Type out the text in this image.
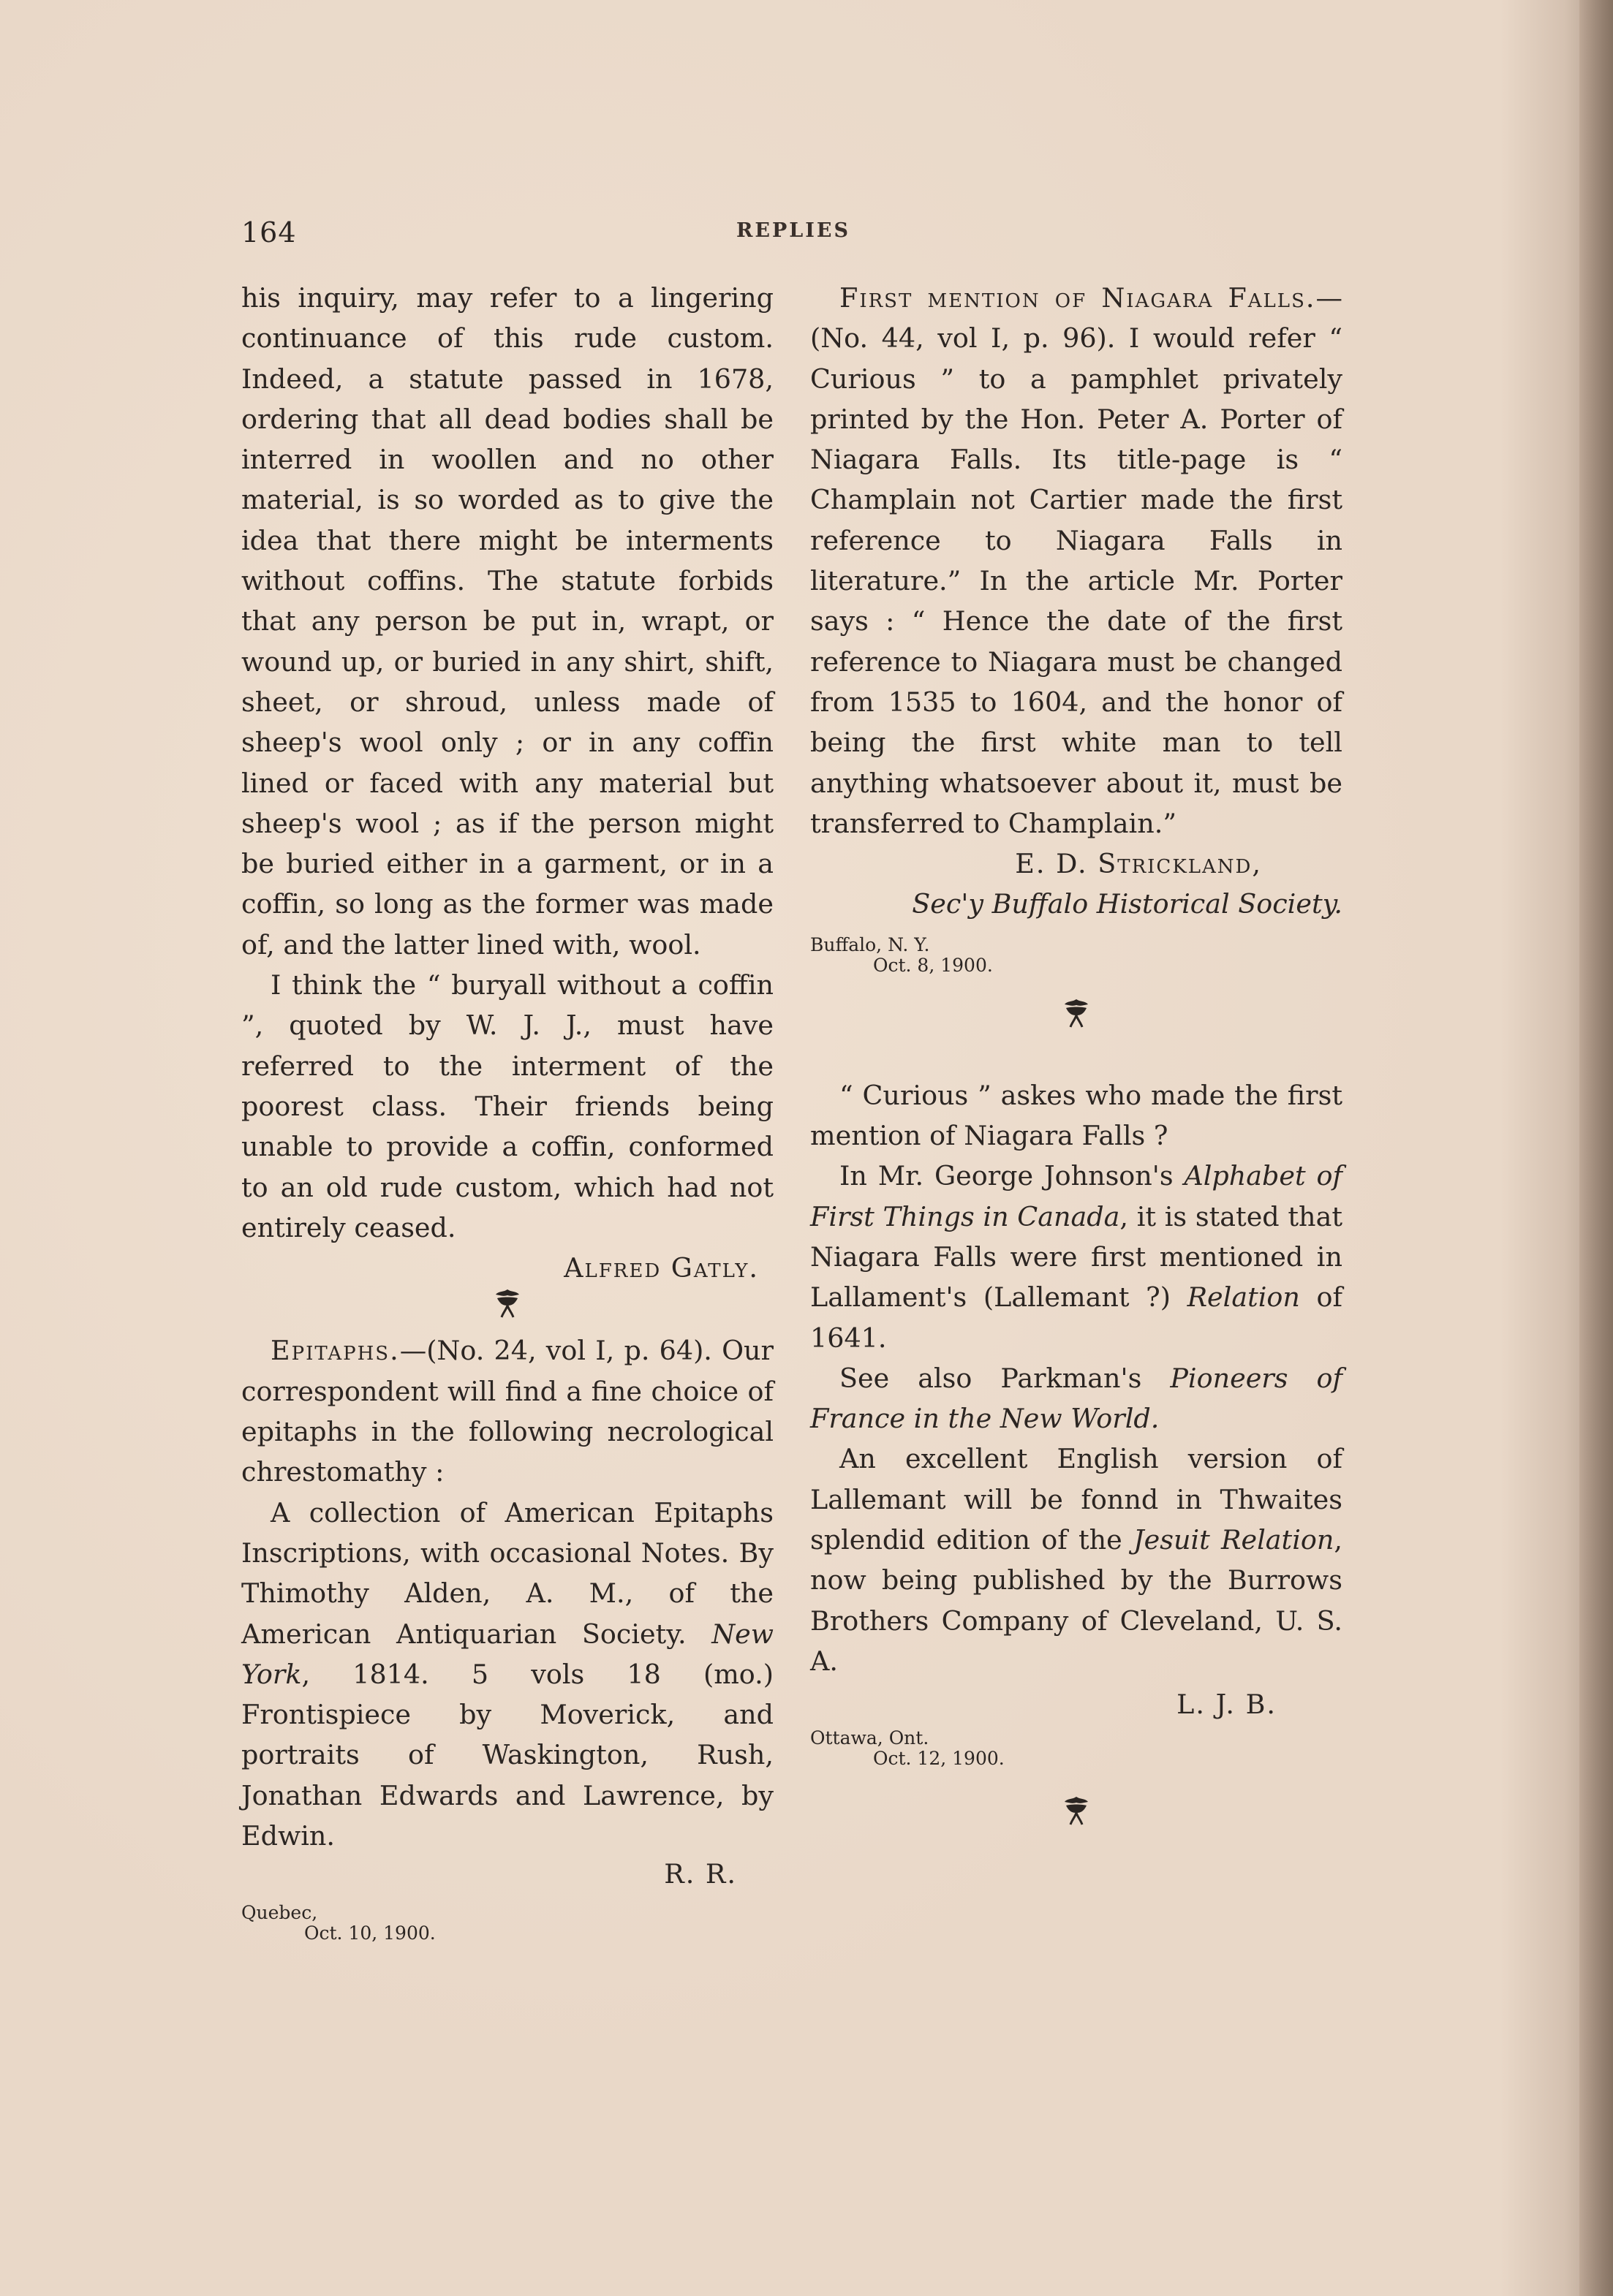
164	REPLIES

his inquiry, may refer to a lingering continuance of this rude custom. Indeed, a statute passed in 1678, ordering that all dead bodies shall be interred in woollen and no other material, is so worded as to give the idea that there might be interments without coffins. The statute forbids that any person be put in, wrapt, or wound up, or buried in any shirt, shift, sheet, or shroud, unless made of sheep's wool only ; or in any coffin lined or faced with any material but sheep's wool ; as if the person might be buried either in a garment, or in a coffin, so long as the former was made of, and the latter lined with, wool.

I think the “ buryall without a coffin ”, quoted by W. J. J., must have referred to the interment of the poorest class. Their friends being unable to provide a coffin, conformed to an old rude custom, which had not entirely ceased.

Alfred Gatly.

Epitaphs.—(No. 24, vol I, p. 64). Our correspondent will find a fine choice of epitaphs in the following necrological chrestomathy :

A collection of American Epitaphs Inscriptions, with occasional Notes. By Thimothy Alden, A. M., of the American Antiquarian Society. New York, 1814. 5 vols 18 (mo.) Frontispiece by Moverick, and portraits of Waskington, Rush, Jonathan Edwards and Lawrence, by Edwin.

R. R.

Quebec,
Oct. 10, 1900.

First mention of Niagara Falls.—(No. 44, vol I, p. 96). I would refer “ Curious ” to a pamphlet privately printed by the Hon. Peter A. Porter of Niagara Falls. Its title-page is “ Champlain not Cartier made the first reference to Niagara Falls in literature.” In the article Mr. Porter says : “ Hence the date of the first reference to Niagara must be changed from 1535 to 1604, and the honor of being the first white man to tell anything whatsoever about it, must be transferred to Champlain.”

E. D. Strickland,

Sec'y Buffalo Historical Society.

Buffalo, N. Y.
Oct. 8, 1900.

“ Curious ” askes who made the first mention of Niagara Falls ?

In Mr. George Johnson's Alphabet of First Things in Canada, it is stated that Niagara Falls were first mentioned in Lallament's (Lallemant ?) Relation of 1641.

See also Parkman's Pioneers of France in the New World.

An excellent English version of Lallemant will be fonnd in Thwaites splendid edition of the Jesuit Relation, now being published by the Burrows Brothers Company of Cleveland, U. S. A.

L. J. B.

Ottawa, Ont.
Oct. 12, 1900.
